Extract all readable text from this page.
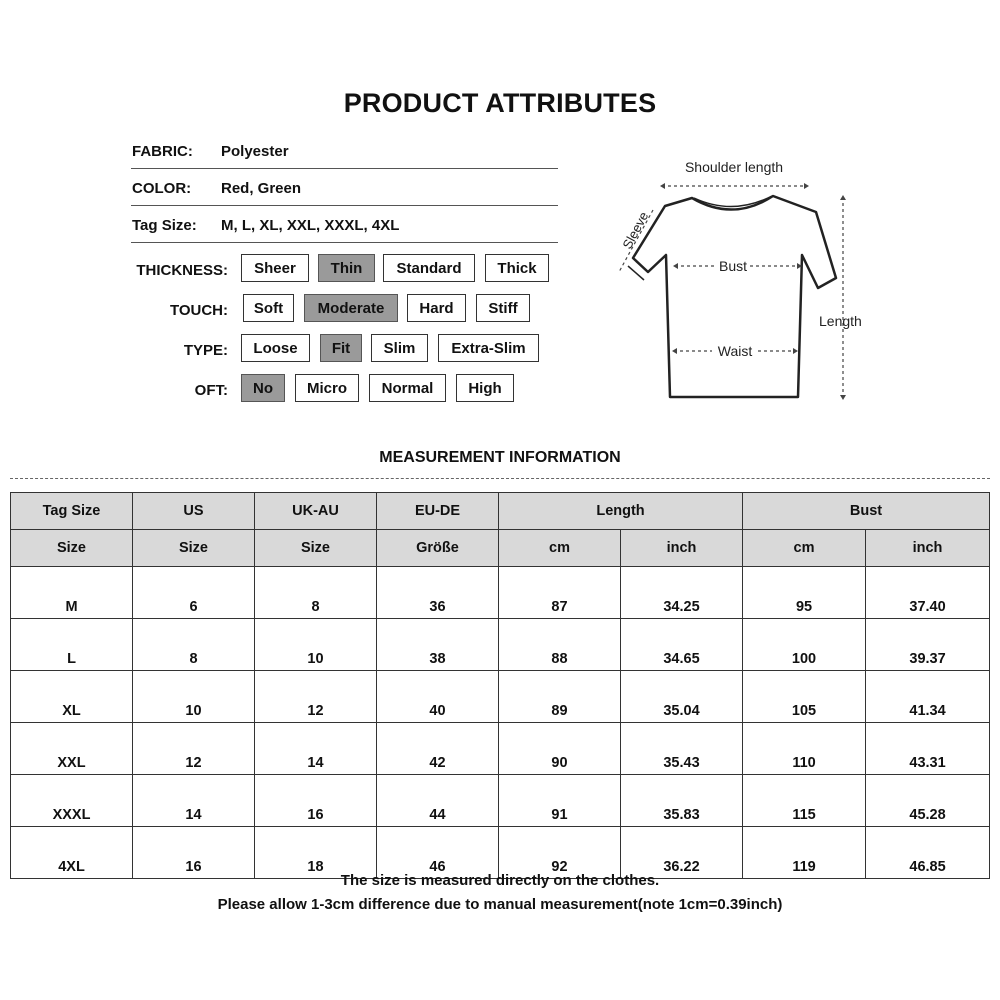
PRODUCT ATTRIBUTES
FABRIC: Polyester
COLOR: Red, Green
Tag Size: M, L, XL, XXL, XXXL, 4XL
THICKNESS:	Sheer	Thin	Standard	Thick
TOUCH:	Soft	Moderate	Hard	Stiff
TYPE:	Loose	Fit	Slim	Extra-Slim
OFT:	No	Micro	Normal	High
Shoulder length
Sleeve
Bust
Waist
Length
MEASUREMENT INFORMATION
Tag Size	US	UK-AU	EU-DE	Length		Bust	
Size	Size	Size	Größe	cm	inch	cm	inch
M	6	8	36	87	34.25	95	37.40
L	8	10	38	88	34.65	100	39.37
XL	10	12	40	89	35.04	105	41.34
XXL	12	14	42	90	35.43	110	43.31
XXXL	14	16	44	91	35.83	115	45.28
4XL	16	18	46	92	36.22	119	46.85
The size is measured directly on the clothes.
Please allow 1-3cm difference due to manual measurement(note 1cm=0.39inch)
